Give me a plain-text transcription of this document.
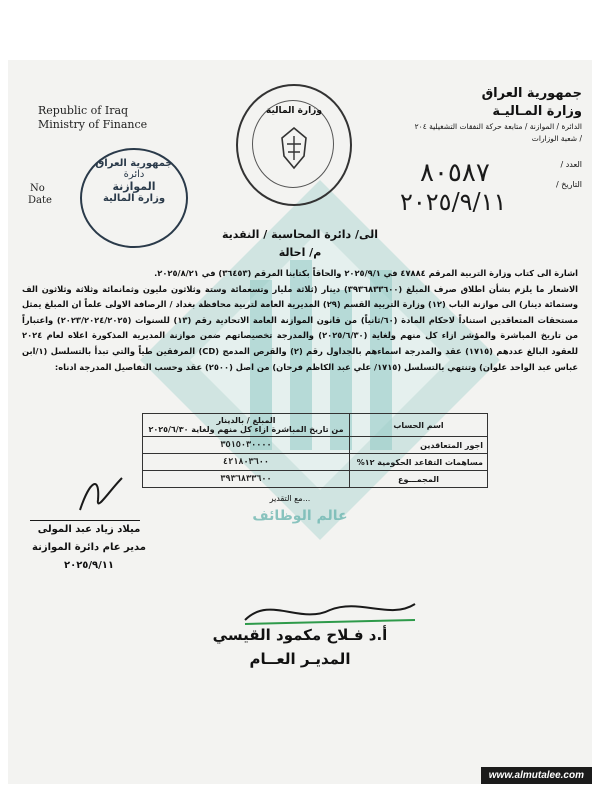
عالم الوظائف
Republic of Iraq
Ministry of Finance
No
Date
جمهورية العراق
وزارة المـاليـة
الدائرة / الموازنة / متابعة حركة النفقات التشغيلية ٢٠٤
/ شعبة الوزارات
العدد /
التاريخ /
٨٠٥٨٧
٢٠٢٥/٩/١١
جمهورية العراق
دائرة
الموازنة
وزارة المالية
وزارة المالية
الى/ دائرة المحاسبة / النقدية
م/ احالة
اشارة الى كتاب وزارة التربية المرقم ٤٧٨٨٤ في ٢٠٢٥/٩/١ والحاقاً بكتابنا المرقم (٣٦٤٥٣) في ٢٠٢٥/٨/٢١.
الاشعار ما يلزم بشأن اطلاق صرف المبلغ (٣٩٣٦٨٣٣٦٠٠) دينار (ثلاثة مليار وتسعمائة وستة وثلاثون مليون وثمانمائة وثلاثة وثلاثون الف وستمائة دينار) الى موازنة الباب (١٢) وزارة التربية القسم (٢٩) المديرية العامة لتربية محافظة بغداد / الرصافة الاولى علماً ان المبلغ يمثل مستحقات المتعاقدين استناداً لاحكام المادة (٦٠/ثانياً) من قانون الموازنة العامة الاتحادية رقم (١٣) للسنوات (٢٠٢٣/٢٠٢٤/٢٠٢٥) واعتباراً من تاريخ المباشرة والمؤشر ازاء كل منهم ولغاية (٢٠٢٥/٦/٣٠) والمدرجة تخصيصاتهم ضمن موازنة المديرية المذكورة اعلاه لعام ٢٠٢٤ للعقود البالغ عددهم (١٧١٥) عقد والمدرجة اسماءهم بالجداول رقم (٢) والقرص المدمج (CD) المرفقين طياً والتي تبدأ بالتسلسل (١/ابن عباس عبد الواحد علوان) وتنتهي بالتسلسل (١٧١٥/ علي عبد الكاظم فرحان) من اصل (٢٥٠٠) عقد وحسب التفاصيل المدرجة ادناه:
اسم الحساب	المبلغ / بالدينار
من تاريخ المباشرة ازاء كل منهم ولغاية ٢٠٢٥/٦/٣٠

اجور المتعاقدين	٣٥١٥٠٣٠٠٠٠
مساهمات التقاعد الحكومية ١٢%	٤٢١٨٠٣٦٠٠
المجمـــوع	٣٩٣٦٨٣٣٦٠٠
...مع التقدير
ميلاد زياد عبد المولى
مدير عام دائرة الموازنة
٢٠٢٥/٩/١١
أ.د فـلاح مكمود القيسي
المديـر العــام
www.almutalee.com
